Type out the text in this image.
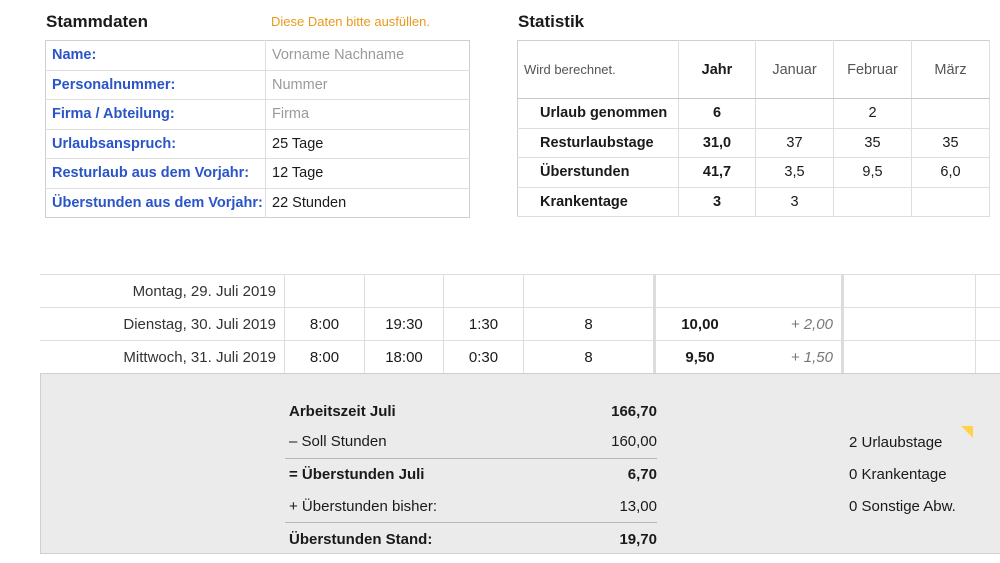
Stammdaten	Diese Daten bitte ausfüllen.
Name:	Vorname Nachname
Personalnummer:	Nummer
Firma / Abteilung:	Firma
Urlaubsanspruch:	25 Tage
Resturlaub aus dem Vorjahr:	12 Tage
Überstunden aus dem Vorjahr:	22 Stunden
Statistik
Wird berechnet.	Jahr	Januar	Februar	März
Urlaub genommen	6		2	
Resturlaubstage	31,0	37	35	35
Überstunden	41,7	3,5	9,5	6,0
Krankentage	3	3		
Montag, 29. Juli 2019
Dienstag, 30. Juli 2019	8:00	19:30	1:30	8	10,00	+ 2,00
Mittwoch, 31. Juli 2019	8:00	18:00	0:30	8	9,50	+ 1,50
Arbeitszeit Juli	166,70
– Soll Stunden	160,00
= Überstunden Juli	6,70
+ Überstunden bisher:	13,00
Überstunden Stand:	19,70
2 Urlaubstage
0 Krankentage
0 Sonstige Abw.
